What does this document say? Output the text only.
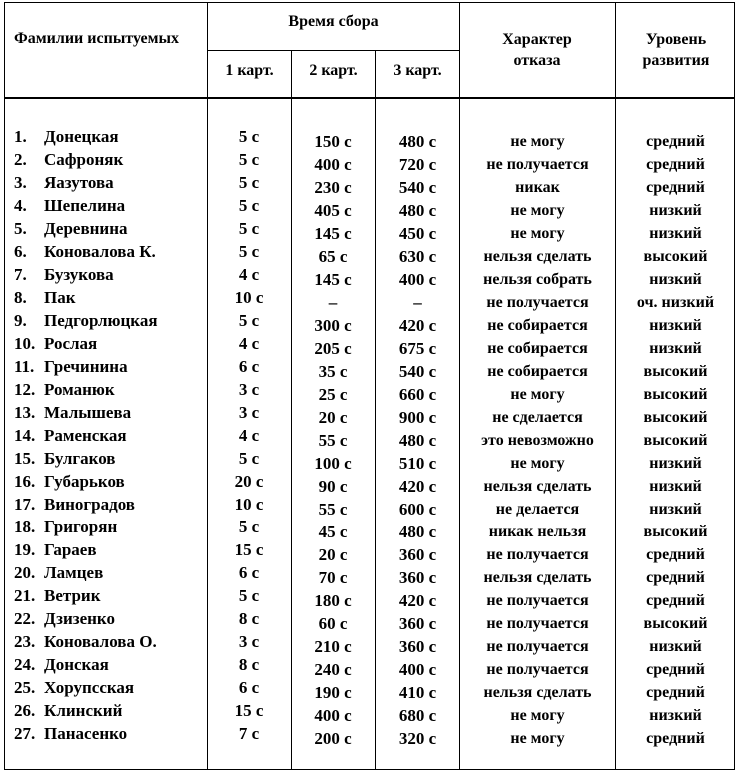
Фамилии испытуемых
Время сбора
1 карт.	2 карт.	3 карт.
Характер отказа
Уровень развития
1.	Донецкая	5 с	150 с	480 с	не могу	средний
2.	Сафроняк	5 с	400 с	720 с	не получается	средний
3.	Яазутова	5 с	230 с	540 с	никак	средний
4.	Шепелина	5 с	405 с	480 с	не могу	низкий
5.	Деревнина	5 с	145 с	450 с	не могу	низкий
6.	Коновалова К.	5 с	65 с	630 с	нельзя сделать	высокий
7.	Бузукова	4 с	145 с	400 с	нельзя собрать	низкий
8.	Пак	10 с	–	–	не получается	оч. низкий
9.	Педгорлюцкая	5 с	300 с	420 с	не собирается	низкий
10. Рослая	4 с	205 с	675 с	не собирается	низкий
11. Гречинина	6 с	35 с	540 с	не собирается	высокий
12. Романюк	3 с	25 с	660 с	не могу	высокий
13. Малышева	3 с	20 с	900 с	не сделается	высокий
14. Раменская	4 с	55 с	480 с	это невозможно	высокий
15. Булгаков	5 с	100 с	510 с	не могу	низкий
16. Губарьков	20 с	90 с	420 с	нельзя сделать	низкий
17. Виноградов	10 с	55 с	600 с	не делается	низкий
18. Григорян	5 с	45 с	480 с	никак нельзя	высокий
19. Гараев	15 с	20 с	360 с	не получается	средний
20. Ламцев	6 с	70 с	360 с	нельзя сделать	средний
21. Ветрик	5 с	180 с	420 с	не получается	средний
22. Дзизенко	8 с	60 с	360 с	не получается	высокий
23. Коновалова О.	3 с	210 с	360 с	не получается	низкий
24. Донская	8 с	240 с	400 с	не получается	средний
25. Хорупсская	6 с	190 с	410 с	нельзя сделать	средний
26. Клинский	15 с	400 с	680 с	не могу	низкий
27. Панасенко	7 с	200 с	320 с	не могу	средний
